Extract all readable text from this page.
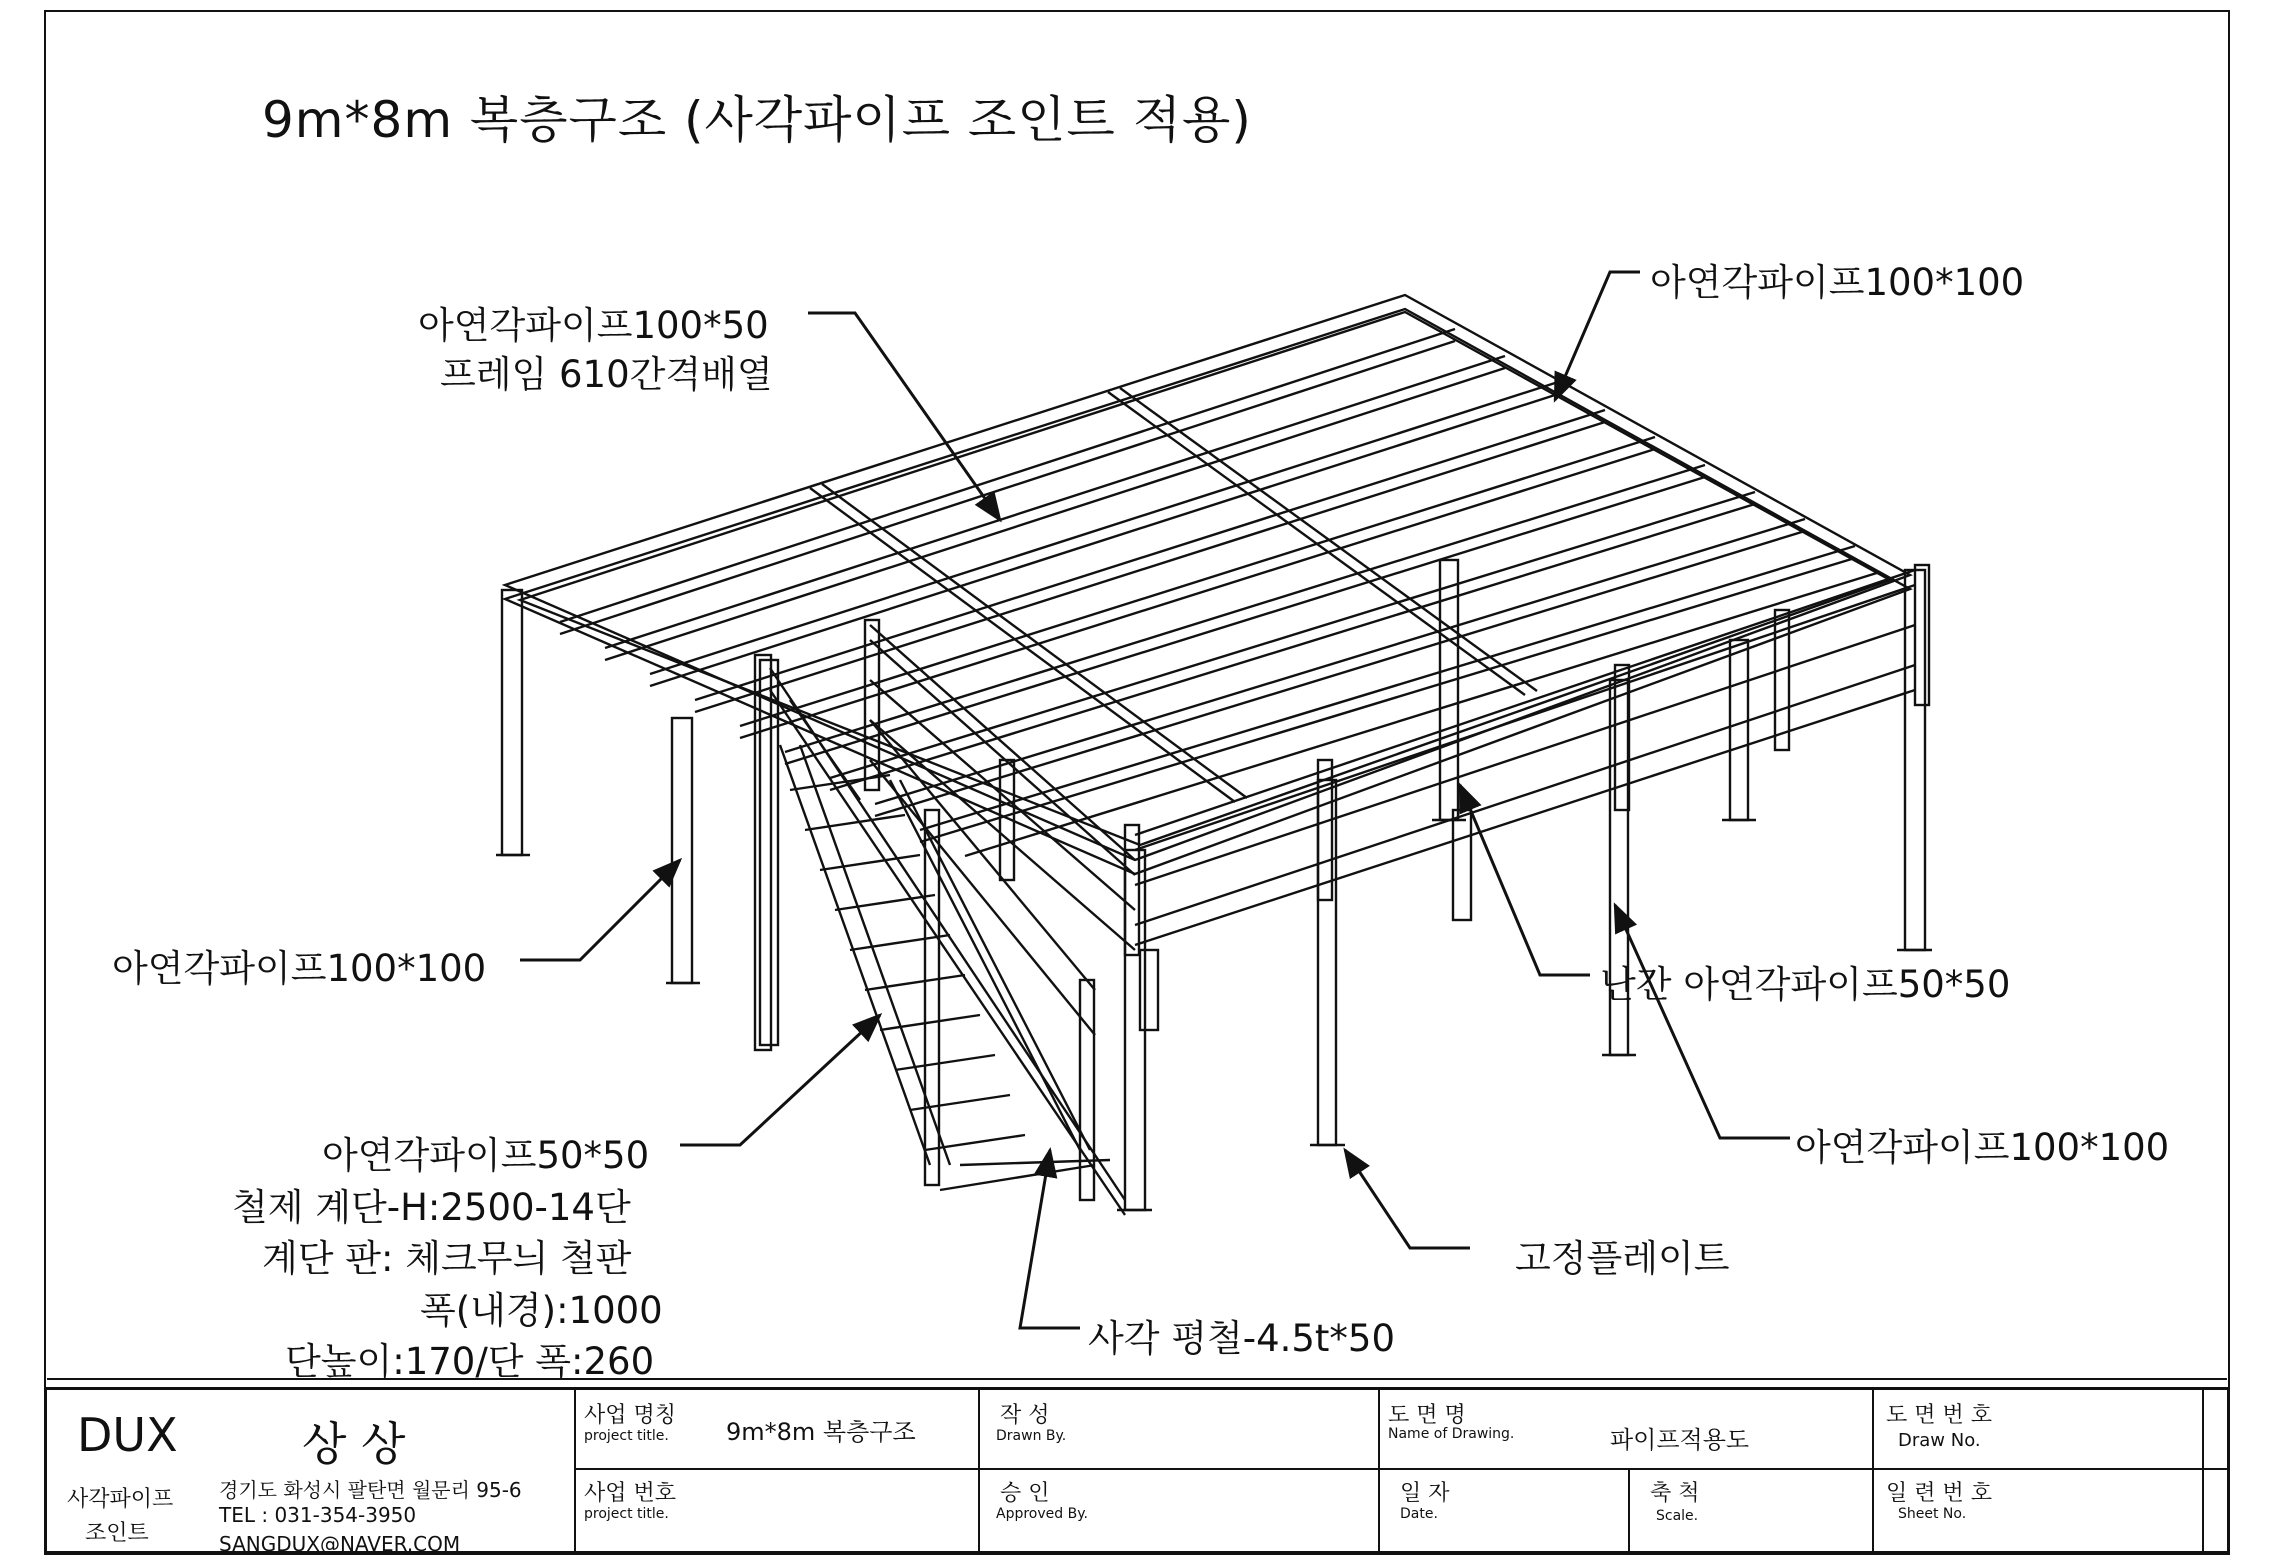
9m*8m 복층구조 (사각파이프 조인트 적용)
아연각파이프100*50
프레임 610간격배열
아연각파이프100*100
아연각파이프100*100
아연각파이프50*50
철제 계단-H:2500-14단
계단 판: 체크무늬 철판
폭(내경):1000
단높이:170/단 폭:260
난간 아연각파이프50*50
아연각파이프100*100
고정플레이트
사각 평철-4.5t*50
DUX	상 상
사각파이프
조인트
경기도 화성시 팔탄면 월문리 95-6
TEL : 031-354-3950
SANGDUX@NAVER.COM
사업 명칭
project title. 9m*8m 복층구조
사업 번호
project title.
작 성
Drawn By.
승 인
Approved By.
도 면 명
Name of Drawing.	파이프적용도
일 자
Date.
축 척
Scale.
도 면 번 호
Draw No.
일 련 번 호
Sheet No.
